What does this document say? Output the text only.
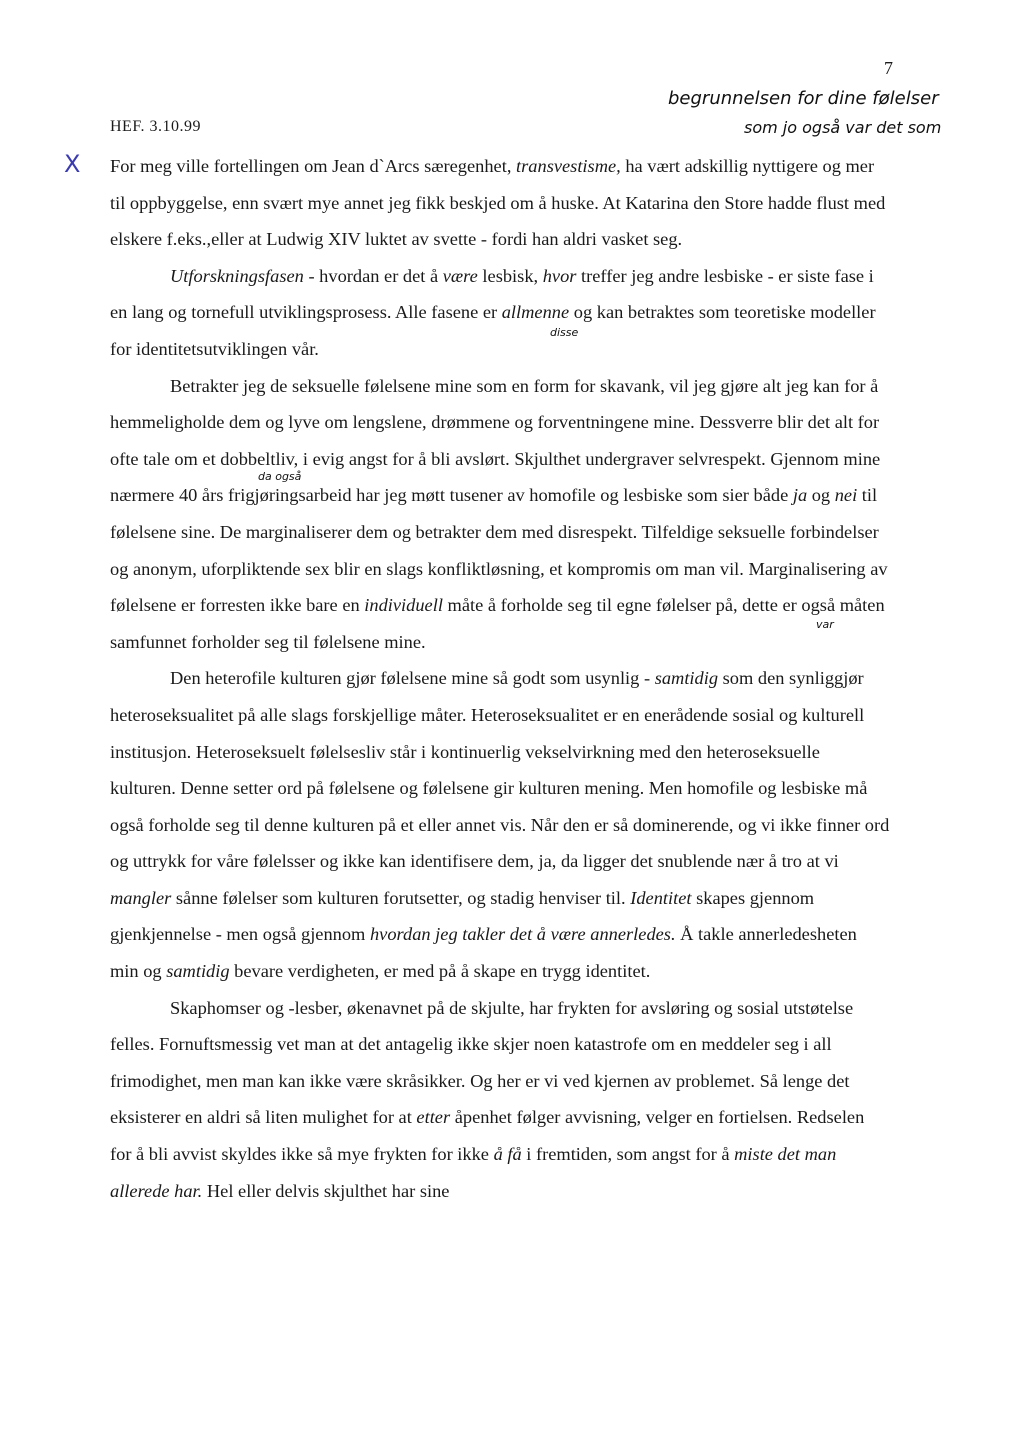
7
HEF. 3.10.99
begrunnelsen for dine følelser
som jo også var det som
X
disse
da også
var

For meg ville fortellingen om Jean d`Arcs særegenhet, transvestisme, ha vært adskillig nyttigere og mer til oppbyggelse, enn svært mye annet jeg fikk beskjed om å huske. At Katarina den Store hadde flust med elskere f.eks.,eller at Ludwig XIV luktet av svette - fordi han aldri vasket seg.

Utforskningsfasen - hvordan er det å være lesbisk, hvor treffer jeg andre lesbiske - er siste fase i en lang og tornefull utviklingsprosess. Alle fasene er allmenne og kan betraktes som teoretiske modeller for identitetsutviklingen vår.

Betrakter jeg de seksuelle følelsene mine som en form for skavank, vil jeg gjøre alt jeg kan for å hemmeligholde dem og lyve om lengslene, drømmene og forventningene mine. Dessverre blir det alt for ofte tale om et dobbeltliv, i evig angst for å bli avslørt. Skjulthet undergraver selvrespekt. Gjennom mine nærmere 40 års frigjøringsarbeid har jeg møtt tusener av homofile og lesbiske som sier både ja og nei til følelsene sine. De marginaliserer dem og betrakter dem med disrespekt. Tilfeldige seksuelle forbindelser og anonym, uforpliktende sex blir en slags konfliktløsning, et kompromis om man vil. Marginalisering av følelsene er forresten ikke bare en individuell måte å forholde seg til egne følelser på, dette er også måten samfunnet forholder seg til følelsene mine.

Den heterofile kulturen gjør følelsene mine så godt som usynlig - samtidig som den synliggjør heteroseksualitet på alle slags forskjellige måter. Heteroseksualitet er en enerådende sosial og kulturell institusjon. Heteroseksuelt følelsesliv står i kontinuerlig vekselvirkning med den heteroseksuelle kulturen. Denne setter ord på følelsene og følelsene gir kulturen mening. Men homofile og lesbiske må også forholde seg til denne kulturen på et eller annet vis. Når den er så dominerende, og vi ikke finner ord og uttrykk for våre følelsser og ikke kan identifisere dem, ja, da ligger det snublende nær å tro at vi mangler sånne følelser som kulturen forutsetter, og stadig henviser til. Identitet skapes gjennom gjenkjennelse - men også gjennom hvordan jeg takler det å være annerledes. Å takle annerledesheten min og samtidig bevare verdigheten, er med på å skape en trygg identitet.

Skaphomser og -lesber, økenavnet på de skjulte, har frykten for avsløring og sosial utstøtelse felles. Fornuftsmessig vet man at det antagelig ikke skjer noen katastrofe om en meddeler seg i all frimodighet, men man kan ikke være skråsikker. Og her er vi ved kjernen av problemet. Så lenge det eksisterer en aldri så liten mulighet for at etter åpenhet følger avvisning, velger en fortielsen. Redselen for å bli avvist skyldes ikke så mye frykten for ikke å få i fremtiden, som angst for å miste det man allerede har. Hel eller delvis skjulthet har sine
